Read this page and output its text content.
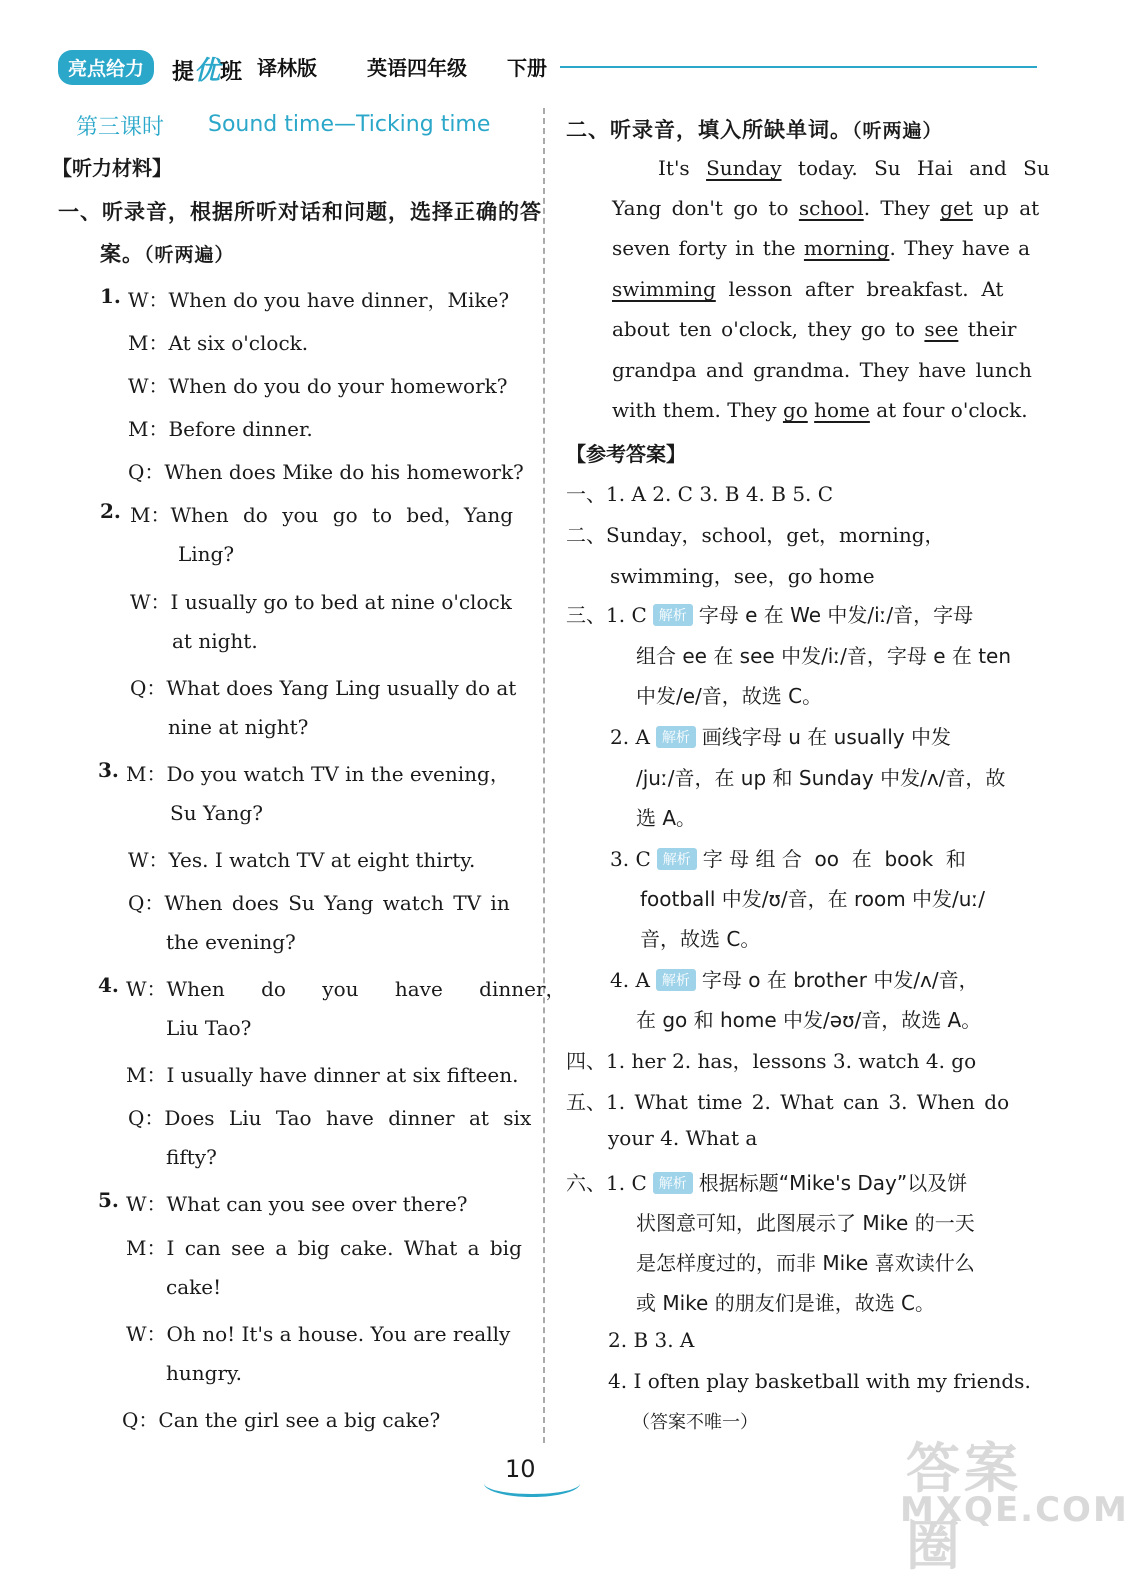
亮点给力	提优班 译林版	英语四年级 下册
第三课时 Sound time—Ticking time
【听力材料】
一、听录音，根据所听对话和问题，选择正确的答
案。（听两遍）
1. W：When do you have dinner，Mike?
M：At six o'clock.
W：When do you do your homework?
M：Before dinner.
Q：When does Mike do his homework?
2. M：When do you go to bed，Yang
Ling?
W：I usually go to bed at nine o'clock
at night.
Q：What does Yang Ling usually do at
nine at night?
3. M：Do you watch TV in the evening，
Su Yang?
W：Yes. I watch TV at eight thirty.
Q：When does Su Yang watch TV in
the evening?
4. W：When do you have dinner，
Liu Tao?
M：I usually have dinner at six fifteen.
Q：Does Liu Tao have dinner at six
fifty?
5. W：What can you see over there?
M：I can see a big cake. What a big
cake!
W：Oh no! It's a house. You are really
hungry.
Q：Can the girl see a big cake?
二、听录音，填入所缺单词。（听两遍）
It's Sunday today. Su Hai and Su
Yang don't go to school. They get up at
seven forty in the morning. They have a
swimming  lesson  after  breakfast.  At
about ten o'clock, they go to see their
grandpa and grandma. They have lunch
with them. They go home at four o'clock.
【参考答案】
一、1. A 2. C 3. B 4. B 5. C
二、Sunday，school，get，morning，
swimming，see，go home
三、1. C 解析 字母 e 在 We 中发/iː/音，字母
组合 ee 在 see 中发/iː/音，字母 e 在 ten
中发/e/音，故选 C。
2. A 解析 画线字母 u 在 usually 中发
/juː/音，在 up 和 Sunday 中发/ʌ/音，故
选 A。
3. C 解析 字 母 组 合  oo  在  book  和
football 中发/ʊ/音，在 room 中发/uː/
音，故选 C。
4. A 解析 字母 o 在 brother 中发/ʌ/音，
在 go 和 home 中发/əʊ/音，故选 A。
四、1. her 2. has，lessons 3. watch 4. go
五、1. What time 2. What can 3. When do
your 4. What a
六、1. C 解析 根据标题“Mike's Day”以及饼
状图意可知，此图展示了 Mike 的一天
是怎样度过的，而非 Mike 喜欢读什么
或 Mike 的朋友们是谁，故选 C。
2. B 3. A
4. I often play basketball with my friends.
（答案不唯一）
10	答案圈
MXQE.COM
